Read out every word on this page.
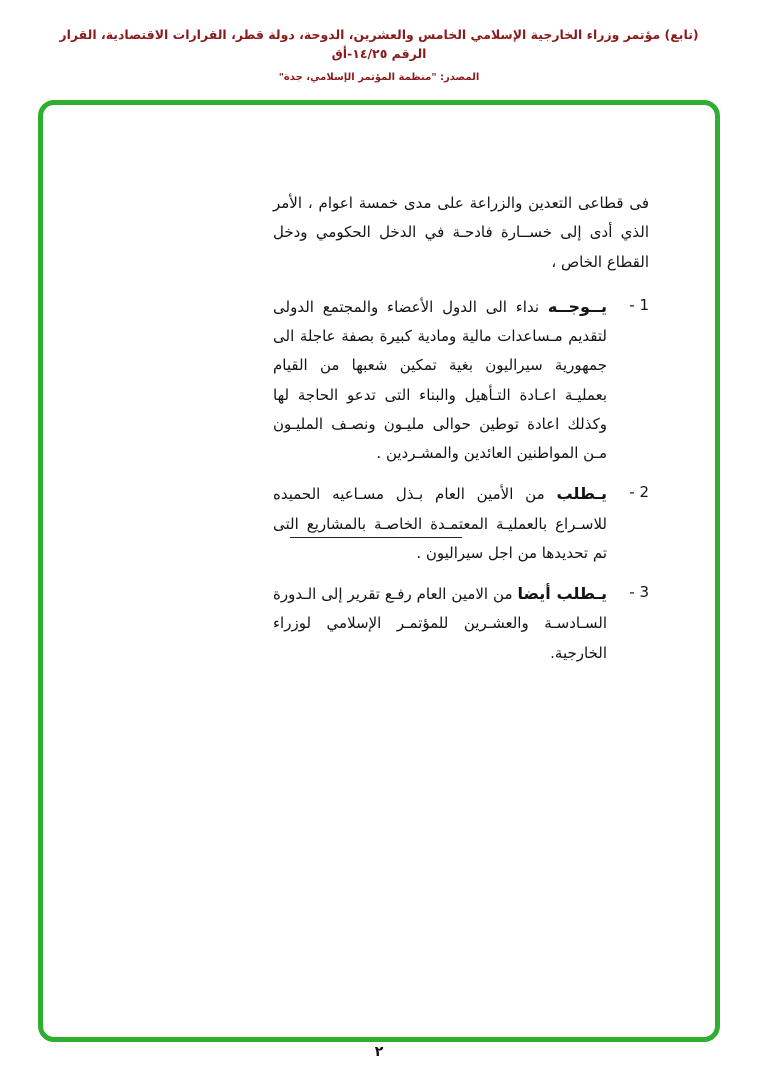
(تابع) مؤتمر وزراء الخارجية الإسلامي الخامس والعشرين، الدوحة، دولة قطر، القرارات الاقتصادية، القرار الرقم ١٤/٢٥-أق
المصدر: "منظمة المؤتمر الإسلامي، جدة"

فى قطاعى التعدين والزراعة على مدى خمسة اعوام ، الأمر الذي أدى إلى خســارة فادحـة في الدخل الحكومي ودخل القطاع الخاص ،

1 -

يــوجــه نداء الى الدول الأعضاء والمجتمع الدولى لتقديم مـساعدات مالية ومادية كبيرة بصفة عاجلة الى جمهورية سيراليون بغية تمكين شعبها من القيام بعمليـة اعـادة التـأهيل والبناء التى تدعو الحاجة لها وكذلك اعادة توطين حوالى مليـون ونصـف المليـون مـن المواطنين العائدين والمشـردين .

2 -

يـطلب من الأمين العام بـذل مسـاعيه الحميده للاسـراع بالعمليـة المعتمـدة الخاصـة بالمشاريع التى تم تحديدها من اجل سيراليون .

3 -

يـطلب أيضا من الامين العام رفـع تقرير إلى الـدورة السـادسـة والعشـرين للمؤتمـر الإسلامي لوزراء الخارجية.

٢
